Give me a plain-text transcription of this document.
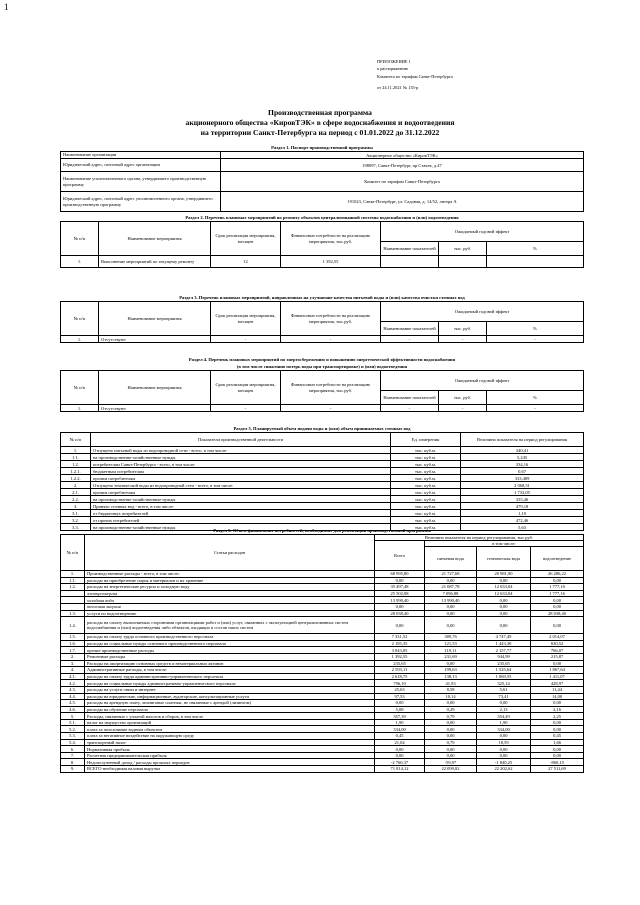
1
ПРИЛОЖЕНИЕ 1
к распоряжению
Комитета по тарифам Санкт-Петербурга
от 24.11.2021 № 135-р
Производственная программа
акционерного общества «КировТЭК» в сфере водоснабжения и водоотведения
на территории Санкт-Петербурга на период с 01.01.2022 до 31.12.2022
Раздел 1. Паспорт производственной программы
Наименование организации	Акционерное общество «КировТЭК»
Юридический адрес, почтовый адрес организации	198097, Санкт-Петербург, пр.Стачек, д.47
Наименование уполномоченного органа, утвердившего производственную программу	Комитет по тарифам Санкт-Петербурга
Юридический адрес, почтовый адрес уполномоченного органа, утвердившего производственную программу	191023, Санкт-Петербург, ул. Садовая, д. 14/52, литера А
Раздел 2. Перечень плановых мероприятий по ремонту объектов централизованной системы водоснабжения и (или) водоотведения
№ п/п	Наименование мероприятия	Срок реализации мероприятия, месяцев	Финансовые потребности на реализацию мероприятия, тыс.руб.	Ожидаемый годовой эффект		
				Наименование показателей	тыс. руб.	%
1.	Выполнение мероприятий по текущему ремонту	12	1 392,55			
Раздел 3. Перечень плановых мероприятий, направленных на улучшение качества питьевой воды и (или) качества очистки сточных вод
№ п/п	Наименование мероприятия	Срок реализации мероприятия, месяцев	Финансовые потребности на реализацию мероприятия, тыс.руб.	Ожидаемый годовой эффект		
				Наименование показателей	тыс. руб.	%
1.	Отсутствуют	-	-	-	-	-
Раздел 4. Перечень плановых мероприятий по энергосбережению и повышению энергетической эффективности водоснабжения
(в том числе снижению потерь воды при транспортировке) и (или) водоотведения
№ п/п	Наименование мероприятия	Срок реализации мероприятия, месяцев	Финансовые потребности на реализацию мероприятия, тыс.руб.	Ожидаемый годовой эффект		
				Наименование показателей	тыс. руб.	%
1.	Отсутствуют	-	-	-	-	-
Раздел 5. Планируемый объем подачи воды и (или) объем принимаемых сточных вод
№ п/п	Показатели производственной деятельности	Ед. измерения	Величина показателя на период регулирования
1.	Отпущено питьевой воды из водопроводной сети - всего, в том числе:	тыс. куб.м.	340,41
1.1.	на производственно-хозяйственные нужды	тыс. куб.м.	5,245
1.2.	потребителям Санкт-Петербурга - всего, в том числе:	тыс. куб.м.	334,16
1.2.1.	бюджетным потребителям	тыс. куб.м.	0,67
1.2.2.	прочим потребителям	тыс. куб.м.	333,489
2.	Отпущено технической воды из водопроводной сети - всего, в том числе:	тыс. куб.м.	2 068,51
2.1.	прочим потребителям	тыс. куб.м.	1 733,05
2.2.	на производственно-хозяйственные нужды	тыс. куб.м.	335,46
3.	Принято сточных вод - всего, в том числе:	тыс. куб.м.	479,18
3.1.	от бюджетных потребителей	тыс. куб.м.	1,10
3.2.	от прочих потребителей	тыс. куб.м.	472,46
3.3.	на производственно-хозяйственные нужды	тыс. куб.м.	5,63
Раздел 6. Объем финансовых потребностей, необходимых для реализации производственной программы
№ п/п	Статьи расходов	Величина показателя на период регулирования, тыс.руб.			
		Всего	в том числе:		
			питьевая вода	техническая вода	водоотведение
1.	Производственные расходы - всего, в том числе:	68 995,80	21 727,68	20 981,90	26 286,22
1.1.	расходы на приобретение сырья и материалов и их хранение	0,00	0,00	0,00	0,00
1.2.	расходы на энергетические ресурсы и холодную воду	35 497,48	21 087,78	12 633,04	1 777,16
	электроэнергия	25 502,08	7 096,88	12 633,04	1 777,16
	холодная вода	13 990,40	13 990,40	0,00	0,00
	тепловая энергия	0,00	0,00	0,00	0,00
1.3.	услуги по водоотведению	28 038,40	0,00	0,00	28 038,40
1.4.	расходы на оплату выполняемых сторонними организациями работ и (или) услуг, связанных с эксплуатацией централизованных систем водоснабжения и (или) водоотведения либо объектов, входящих в состав таких систем	0,00	0,00	0,00	0,00
1.5.	расходы на оплату труда основного производственного персонала	7 331,52	389,76	4 747,49	2 014,07
1.6.	расходы на социальные нужды основного производственного персонала	2 195,35	121,53	1 443,30	630,52
1.7.	прочие производственные расходы	3 043,05	119,11	2 157,77	766,07
2.	Ремонтные расходы	1 392,55	231,69	944,99	215,87
3.	Расходы на амортизацию основных средств и нематериальных активов	235,65	0,00	235,65	0,00
4.	Административные расходы, в том числе:	2 593,11	199,63	1 525,64	1 867,64
4.1.	расходы на оплату труда административно-управленческого персонала	2 618,75	138,13	1 069,55	1 411,07
4.2.	расходы на социальные нужды административно-управленческого персонала	796,10	41,93	325,14	428,97
4.3.	расходы на услуги связи и интернет	25,63	8,58	5,61	11,44
4.4.	расходы на юридические, информационные, аудиторские, консультационные услуги	97,53	10,14	73,41	14,00
4.5.	расходы на арендную плату, лизинговые платежи, не связанные с арендой (лизингом)	0,00	0,00	0,00	0,00
4.6.	расходы на обучение персонала	5,08	0,29	2,13	2,16
5.	Расходы, связанные с уплатой налогов и сборов, в том числе	357,39	0,79	354,49	2,25
5.1.	налог на имущество организаций	1,90	0,00	1,90	0,00
5.2.	плата за пользование водным объектом	334,00	0,00	334,00	0,00
5.3.	плата за негативное воздействие на окружающую среду	0,45	0,00	0,00	0,45
5.4.	транспортный налог	21,04	0,79	18,59	1,66
6.	Нормативная прибыль	0,00	0,00	0,00	0,00
7.	Расчетная предпринимательская прибыль	0,00	0,00	0,00	0,00
8.	Недополученный доход / расходы прошлых периодов	-2 760,37	-59,97	-1 840,25	-860,15
9.	ВСЕГО необходимая валовая выручка	71 814,12	22 099,82	22 202,62	27 511,69
